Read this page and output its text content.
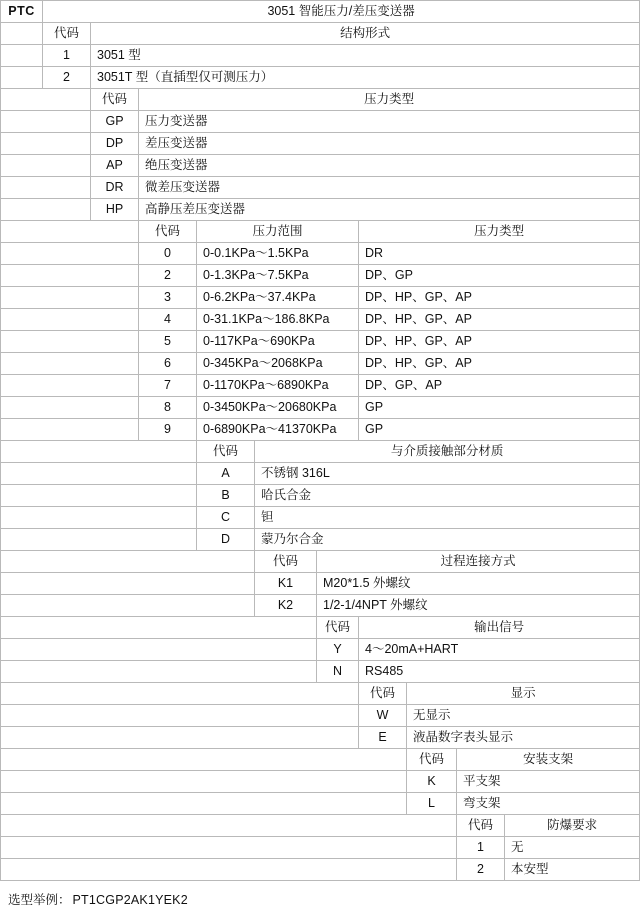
PTC	3051 智能压力/差压变送器									
	代码	结构形式								
	1	3051 型								
	2	3051T 型（直插型仅可测压力）								
		代码	压力类型							
		GP	压力变送器							
		DP	差压变送器							
		AP	绝压变送器							
		DR	微差压变送器							
		HP	高静压差压变送器							
			代码	压力范围			压力类型			
			0	0-0.1KPa～1.5KPa			DR			
			2	0-1.3KPa～7.5KPa			DP、GP			
			3	0-6.2KPa～37.4KPa			DP、HP、GP、AP			
			4	0-31.1KPa～186.8KPa			DP、HP、GP、AP			
			5	0-117KPa～690KPa			DP、HP、GP、AP			
			6	0-345KPa～2068KPa			DP、HP、GP、AP			
			7	0-1170KPa～6890KPa			DP、GP、AP			
			8	0-3450KPa～20680KPa			GP			
			9	0-6890KPa～41370KPa			GP			
				代码	与介质接触部分材质					
				A	不锈钢 316L					
				B	哈氏合金					
				C	钽					
				D	蒙乃尔合金					
					代码	过程连接方式				
					K1	M20*1.5 外螺纹				
					K2	1/2-1/4NPT 外螺纹				
						代码	输出信号			
						Y	4～20mA+HART			
						N	RS485			
							代码	显示		
							W	无显示		
							E	液晶数字表头显示		
								代码	安装支架	
								K	平支架	
								L	弯支架	
									代码	防爆要求
									1	无
									2	本安型
选型举例： PT1CGP2AK1YEK2
